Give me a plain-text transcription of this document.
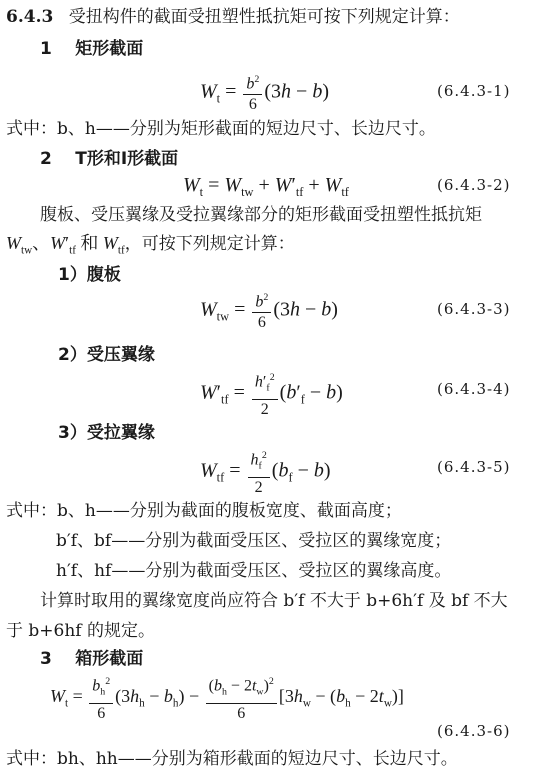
6.4.3 受扭构件的截面受扭塑性抵抗矩可按下列规定计算：
1 矩形截面
$W_t = \frac{b^2}{6} (3h - b)$	(6.4.3-1)
式中：b、h——分别为矩形截面的短边尺寸、长边尺寸。
2 T形和I形截面
$W_t = W_{tw} + W'_{tf} + W_{tf}$	(6.4.3-2)
腹板、受压翼缘及受拉翼缘部分的矩形截面受扭塑性抵抗矩
$W_{tw}$、$W'_{tf}$ 和 $W_{tf}$，可按下列规定计算：
1）腹板
$W_{tw} = \frac{b^2}{6} (3h - b)$	(6.4.3-3)
2）受压翼缘
$W'_{tf} = \frac{h'_f^2}{2} (b'_f - b)$	(6.4.3-4)
3）受拉翼缘
$W_{tf} = \frac{h_f^2}{2} (b_f - b)$	(6.4.3-5)
式中：b、h——分别为截面的腹板宽度、截面高度；
b′f、bf——分别为截面受压区、受拉区的翼缘宽度；
h′f、hf——分别为截面受压区、受拉区的翼缘高度。
计算时取用的翼缘宽度尚应符合 b′f 不大于 b+6h′f 及 bf 不大
于 b+6hf 的规定。
3 箱形截面
$W_t = \frac{b_h^2}{6} (3h_h - b_h) - \frac{(b_h - 2t_w)^2}{6} [3h_w - (b_h - 2t_w)]$
(6.4.3-6)
式中：bh、hh——分别为箱形截面的短边尺寸、长边尺寸。
